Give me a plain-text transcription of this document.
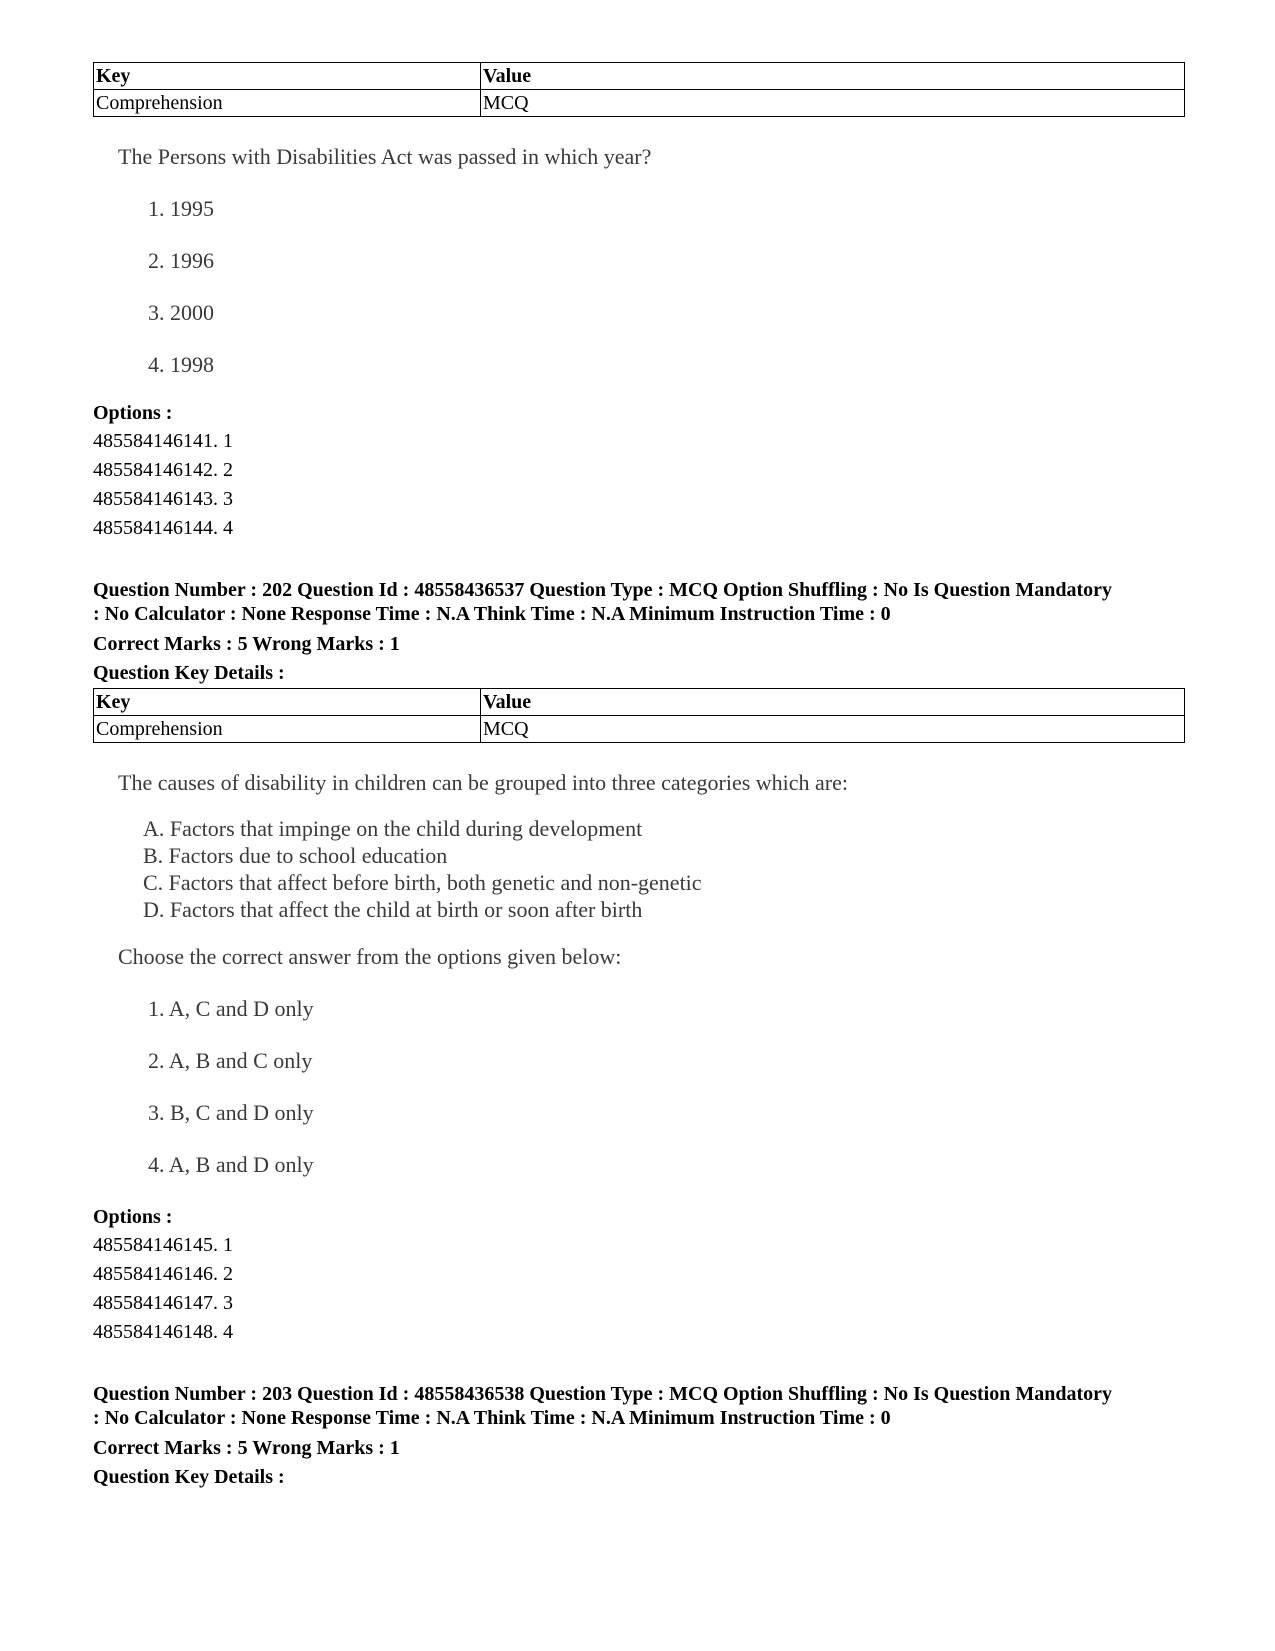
Key	Value
Comprehension	MCQ
The Persons with Disabilities Act was passed in which year?
1. 1995
2. 1996
3. 2000
4. 1998
Options :
485584146141. 1
485584146142. 2
485584146143. 3
485584146144. 4
Question Number : 202 Question Id : 48558436537 Question Type : MCQ Option Shuffling : No Is Question Mandatory
: No Calculator : None Response Time : N.A Think Time : N.A Minimum Instruction Time : 0
Correct Marks : 5 Wrong Marks : 1
Question Key Details :
Key	Value
Comprehension	MCQ
The causes of disability in children can be grouped into three categories which are:
A. Factors that impinge on the child during development
B. Factors due to school education
C. Factors that affect before birth, both genetic and non-genetic
D. Factors that affect the child at birth or soon after birth
Choose the correct answer from the options given below:
1. A, C and D only
2. A, B and C only
3. B, C and D only
4. A, B and D only
Options :
485584146145. 1
485584146146. 2
485584146147. 3
485584146148. 4
Question Number : 203 Question Id : 48558436538 Question Type : MCQ Option Shuffling : No Is Question Mandatory
: No Calculator : None Response Time : N.A Think Time : N.A Minimum Instruction Time : 0
Correct Marks : 5 Wrong Marks : 1
Question Key Details :
